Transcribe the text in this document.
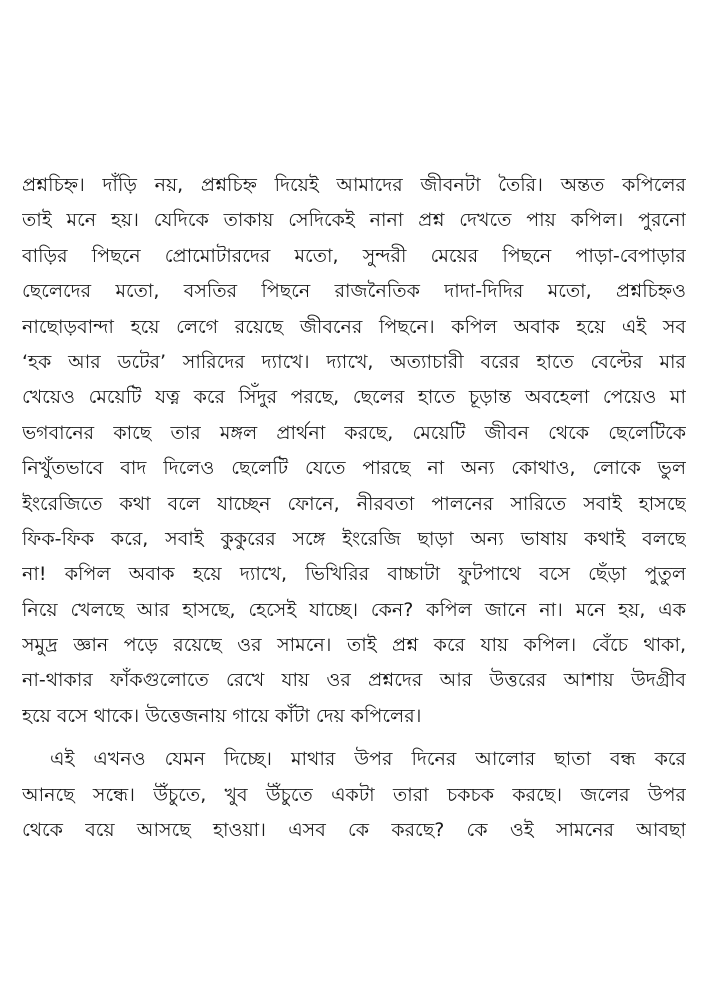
প্রশ্নচিহ্ন। দাঁড়ি নয়, প্রশ্নচিহ্ন দিয়েই আমাদের জীবনটা তৈরি। অন্তত কপিলের
তাই মনে হয়। যেদিকে তাকায় সেদিকেই নানা প্রশ্ন দেখতে পায় কপিল। পুরনো
বাড়ির পিছনে প্রোমোটারদের মতো, সুন্দরী মেয়ের পিছনে পাড়া-বেপাড়ার
ছেলেদের মতো, বসতির পিছনে রাজনৈতিক দাদা-দিদির মতো, প্রশ্নচিহ্নও
নাছোড়বান্দা হয়ে লেগে রয়েছে জীবনের পিছনে। কপিল অবাক হয়ে এই সব
‘হক আর ডটের’ সারিদের দ্যাখে। দ্যাখে, অত্যাচারী বরের হাতে বেল্টের মার
খেয়েও মেয়েটি যত্ন করে সিঁদুর পরছে, ছেলের হাতে চূড়ান্ত অবহেলা পেয়েও মা
ভগবানের কাছে তার মঙ্গল প্রার্থনা করছে, মেয়েটি জীবন থেকে ছেলেটিকে
নিখুঁতভাবে বাদ দিলেও ছেলেটি যেতে পারছে না অন্য কোথাও, লোকে ভুল
ইংরেজিতে কথা বলে যাচ্ছেন ফোনে, নীরবতা পালনের সারিতে সবাই হাসছে
ফিক-ফিক করে, সবাই কুকুরের সঙ্গে ইংরেজি ছাড়া অন্য ভাষায় কথাই বলছে
না! কপিল অবাক হয়ে দ্যাখে, ভিখিরির বাচ্চাটা ফুটপাথে বসে ছেঁড়া পুতুল
নিয়ে খেলছে আর হাসছে, হেসেই যাচ্ছে। কেন? কপিল জানে না। মনে হয়, এক
সমুদ্র জ্ঞান পড়ে রয়েছে ওর সামনে। তাই প্রশ্ন করে যায় কপিল। বেঁচে থাকা,
না-থাকার ফাঁকগুলোতে রেখে যায় ওর প্রশ্নদের আর উত্তরের আশায় উদগ্রীব
হয়ে বসে থাকে। উত্তেজনায় গায়ে কাঁটা দেয় কপিলের।
এই এখনও যেমন দিচ্ছে। মাথার উপর দিনের আলোর ছাতা বন্ধ করে
আনছে সন্ধে। উঁচুতে, খুব উঁচুতে একটা তারা চকচক করছে। জলের উপর
থেকে বয়ে আসছে হাওয়া। এসব কে করছে? কে ওই সামনের আবছা
